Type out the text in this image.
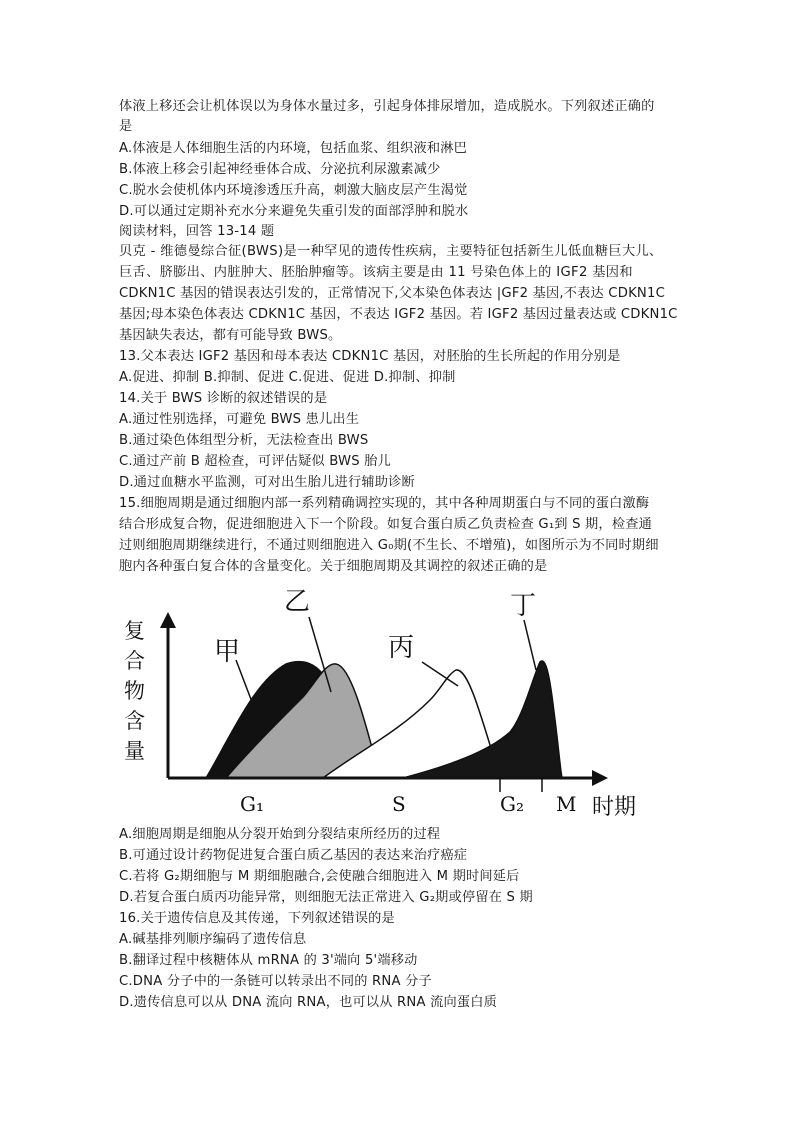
体液上移还会让机体误以为身体水量过多，引起身体排尿增加，造成脱水。下列叙述正确的
是
A.体液是人体细胞生活的内环境，包括血浆、组织液和淋巴
B.体液上移会引起神经垂体合成、分泌抗利尿激素减少
C.脱水会使机体内环境渗透压升高，刺激大脑皮层产生渴觉
D.可以通过定期补充水分来避免失重引发的面部浮肿和脱水
阅读材料，回答 13-14 题
贝克 - 维德曼综合征(BWS)是一种罕见的遗传性疾病，主要特征包括新生儿低血糖巨大儿、
巨舌、脐膨出、内脏肿大、胚胎肿瘤等。该病主要是由 11 号染色体上的 IGF2 基因和
CDKN1C 基因的错误表达引发的，正常情况下,父本染色体表达 |GF2 基因,不表达 CDKN1C
基因;母本染色体表达 CDKN1C 基因，不表达 IGF2 基因。若 IGF2 基因过量表达或 CDKN1C
基因缺失表达，都有可能导致 BWS。
13.父本表达 IGF2 基因和母本表达 CDKN1C 基因，对胚胎的生长所起的作用分别是
A.促进、抑制 B.抑制、促进 C.促进、促进 D.抑制、抑制
14.关于 BWS 诊断的叙述错误的是
A.通过性别选择，可避免 BWS 患儿出生
B.通过染色体组型分析，无法检查出 BWS
C.通过产前 B 超检查，可评估疑似 BWS 胎儿
D.通过血糖水平监测，可对出生胎儿进行辅助诊断
15.细胞周期是通过细胞内部一系列精确调控实现的，其中各种周期蛋白与不同的蛋白激酶
结合形成复合物，促进细胞进入下一个阶段。如复合蛋白质乙负责检查 G₁到 S 期，检查通
过则细胞周期继续进行，不通过则细胞进入 G₀期(不生长、不增殖)，如图所示为不同时期细
胞内各种蛋白复合体的含量变化。关于细胞周期及其调控的叙述正确的是
甲
乙
丙
丁
复
合
物
含
量
G₁	S	G₂ M 时期
A.细胞周期是细胞从分裂开始到分裂结束所经历的过程
B.可通过设计药物促进复合蛋白质乙基因的表达来治疗癌症
C.若将 G₂期细胞与 M 期细胞融合,会使融合细胞进入 M 期时间延后
D.若复合蛋白质丙功能异常，则细胞无法正常进入 G₂期或停留在 S 期
16.关于遗传信息及其传递，下列叙述错误的是
A.碱基排列顺序编码了遗传信息
B.翻译过程中核糖体从 mRNA 的 3'端向 5'端移动
C.DNA 分子中的一条链可以转录出不同的 RNA 分子
D.遗传信息可以从 DNA 流向 RNA，也可以从 RNA 流向蛋白质
